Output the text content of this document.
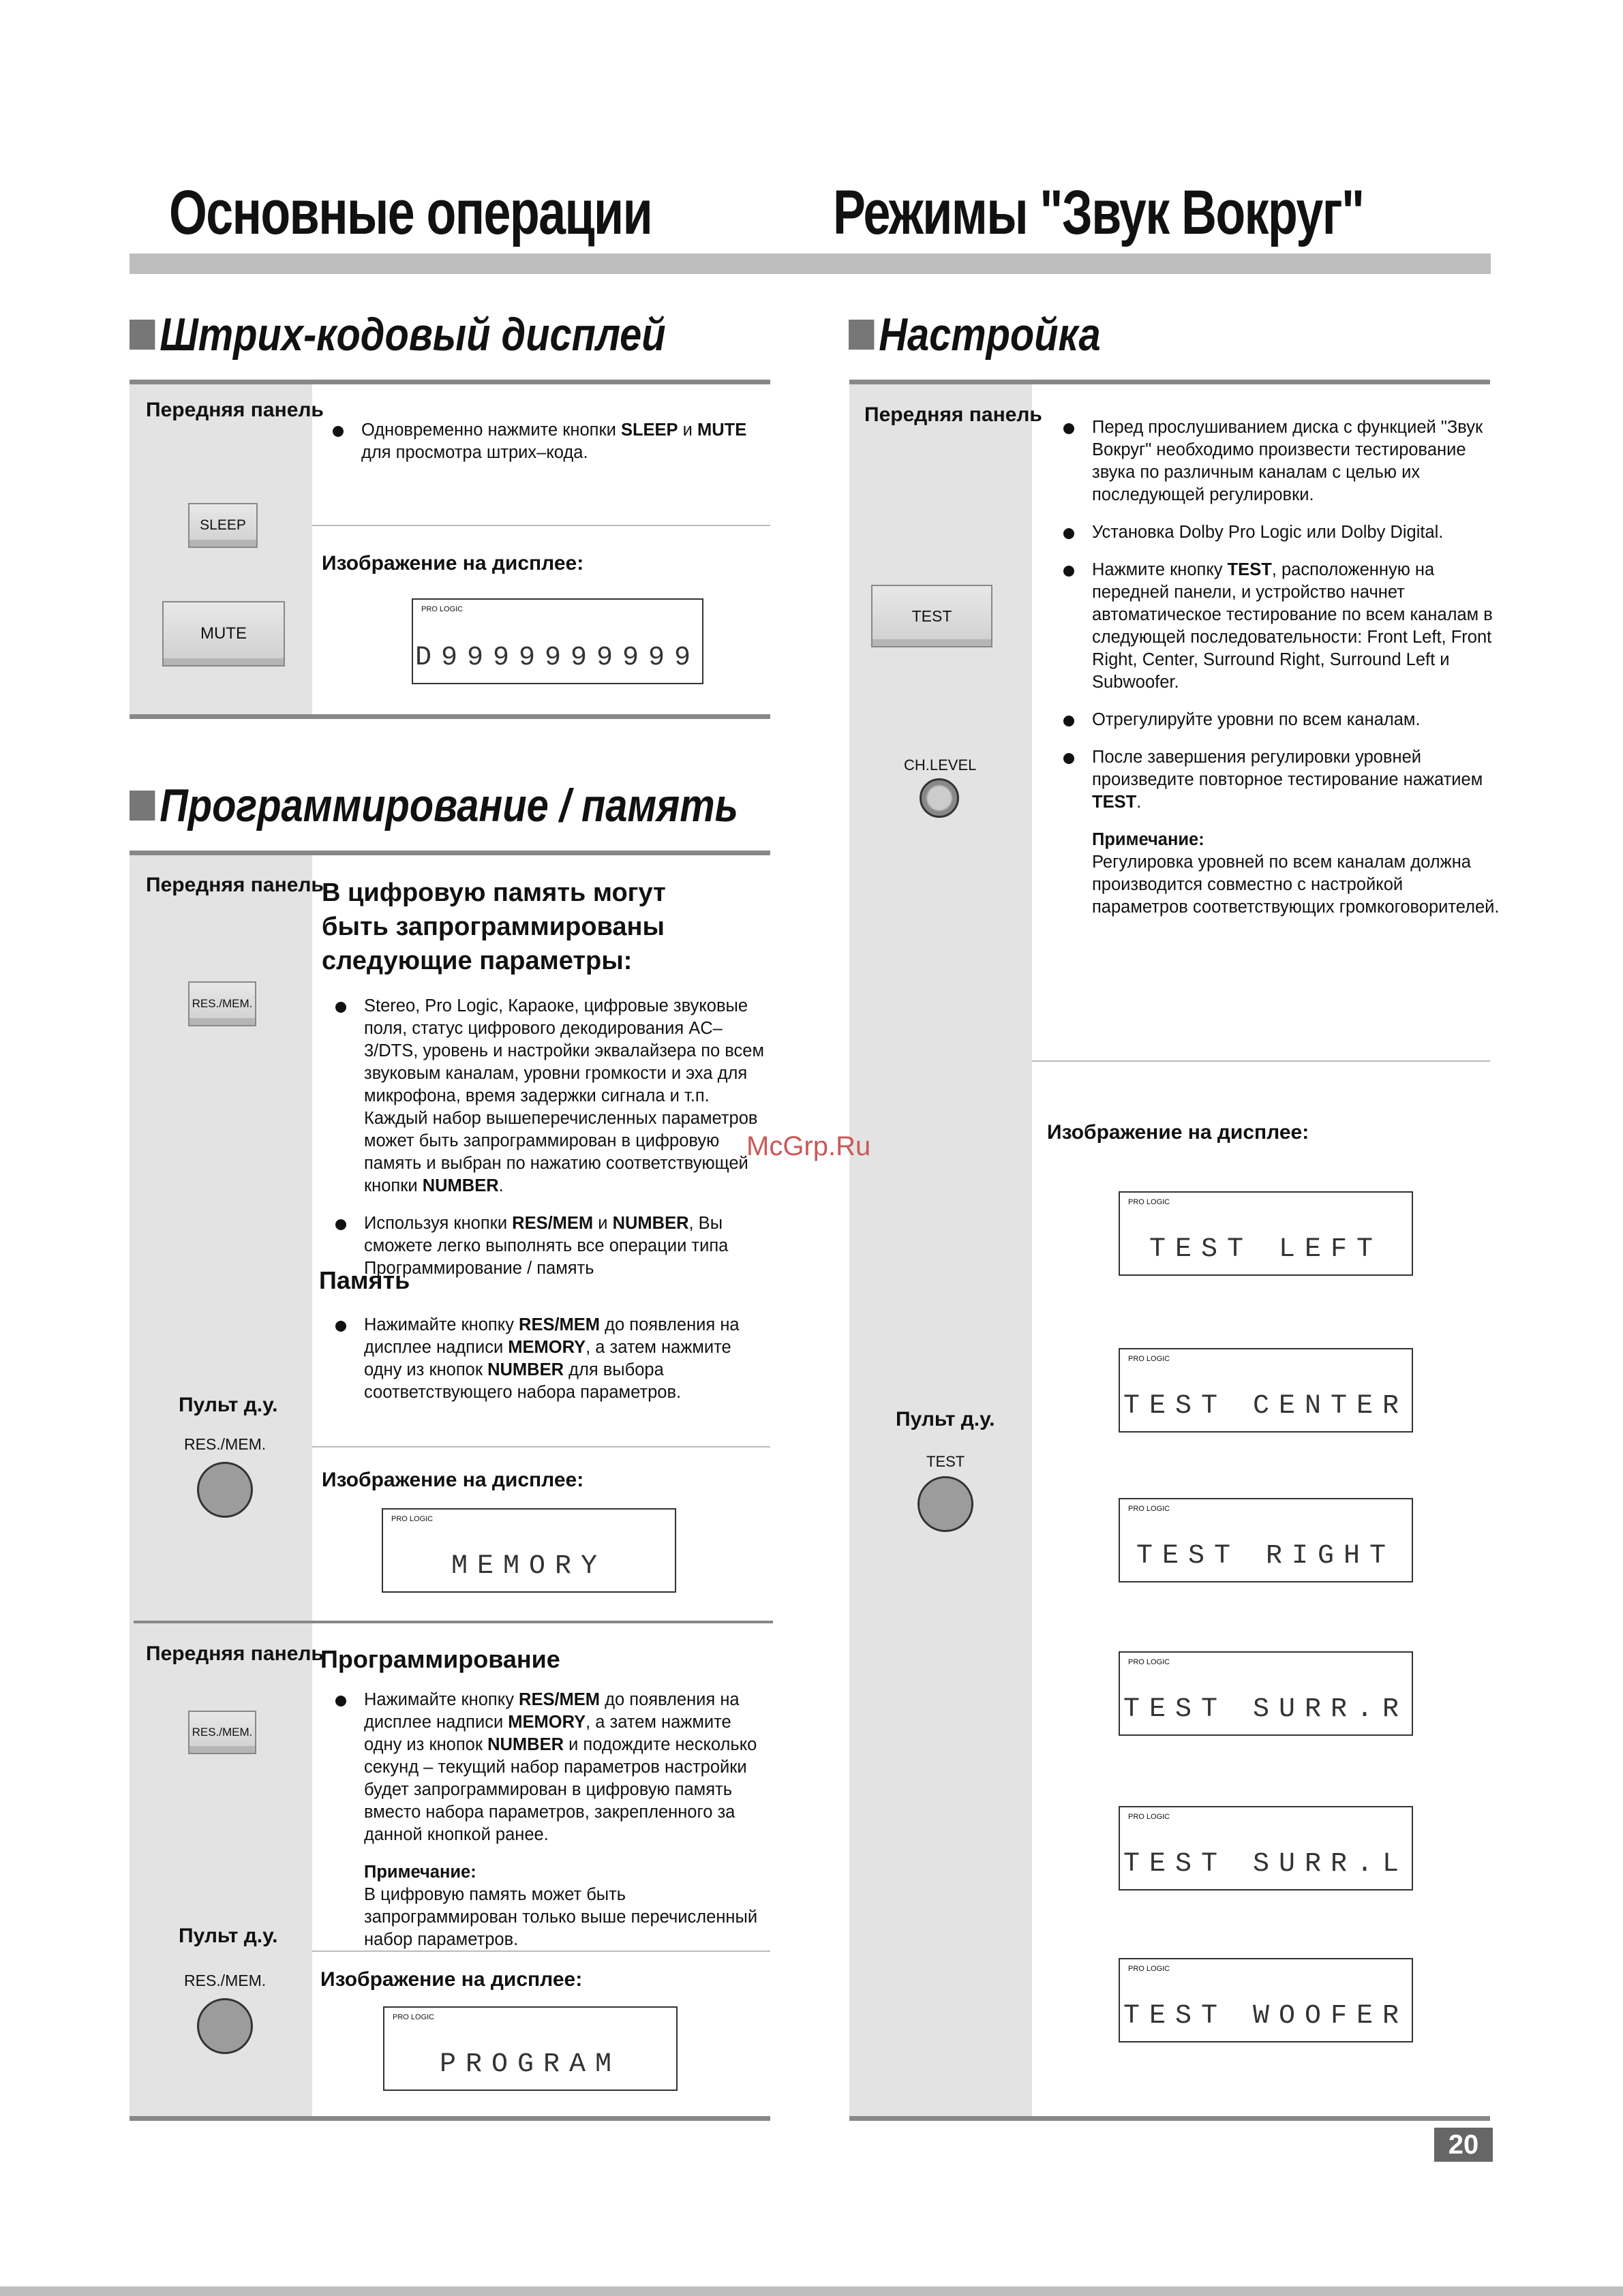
Основные операции	Режимы "Звук Вокруг"
Штрих-кодовый дисплей
Передняя панель
SLEEP
MUTE
Одновременно нажмите кнопки SLEEP и MUTE для просмотра штрих–кода.
Изображение на дисплее:
PRO LOGIC
D9999999999
Программирование / память
Передняя панель
RES./MEM.
В цифровую память могут быть запрограммированы следующие параметры:
Stereo, Pro Logic, Караоке, цифровые звуковые поля, статус цифрового декодирования AC–3/DTS, уровень и настройки эквалайзера по всем звуковым каналам, уровни громкости и эха для микрофона, время задержки сигнала и т.п. Каждый набор вышеперечисленных параметров может быть запрограммирован в цифровую память и выбран по нажатию соответствующей кнопки NUMBER.
Используя кнопки RES/MEM и NUMBER, Вы сможете легко выполнять все операции типа Программирование / память
Память
Нажимайте кнопку RES/MEM до появления на дисплее надписи MEMORY, а затем нажмите одну из кнопок NUMBER для выбора соответствующего набора параметров.
Пульт д.у.
RES./MEM.
Изображение на дисплее:
PRO LOGIC
MEMORY
Передняя панель
RES./MEM.
Программирование
Нажимайте кнопку RES/MEM до появления на дисплее надписи MEMORY, а затем нажмите одну из кнопок NUMBER и подождите несколько секунд – текущий набор параметров настройки будет запрограммирован в цифровую память вместо набора параметров, закрепленного за данной кнопкой ранее.
Примечание:
В цифровую память может быть запрограммирован только выше перечисленный набор параметров.
Пульт д.у.
RES./MEM.	Изображение на дисплее:
PRO LOGIC
PROGRAM
Настройка
Передняя панель
TEST
CH.LEVEL
Перед прослушиванием диска с функцией "Звук Вокруг" необходимо произвести тестирование звука по различным каналам с целью их последующей регулировки.
Установка Dolby Pro Logic или Dolby Digital.
Нажмите кнопку TEST, расположенную на передней панели, и устройство начнет автоматическое тестирование по всем каналам в следующей последовательности: Front Left, Front Right, Center, Surround Right, Surround Left и Subwoofer.
Отрегулируйте уровни по всем каналам.
После завершения регулировки уровней произведите повторное тестирование нажатием TEST.
Примечание:
Регулировка уровней по всем каналам должна производится совместно с настройкой параметров соответствующих громкоговорителей.
Изображение на дисплее:
Пульт д.у.
TEST
PRO LOGIC
TEST LEFT
PRO LOGIC
TEST CENTER
PRO LOGIC
TEST RIGHT
PRO LOGIC
TEST SURR.R
PRO LOGIC
TEST SURR.L
PRO LOGIC
TEST WOOFER
McGrp.Ru
20
